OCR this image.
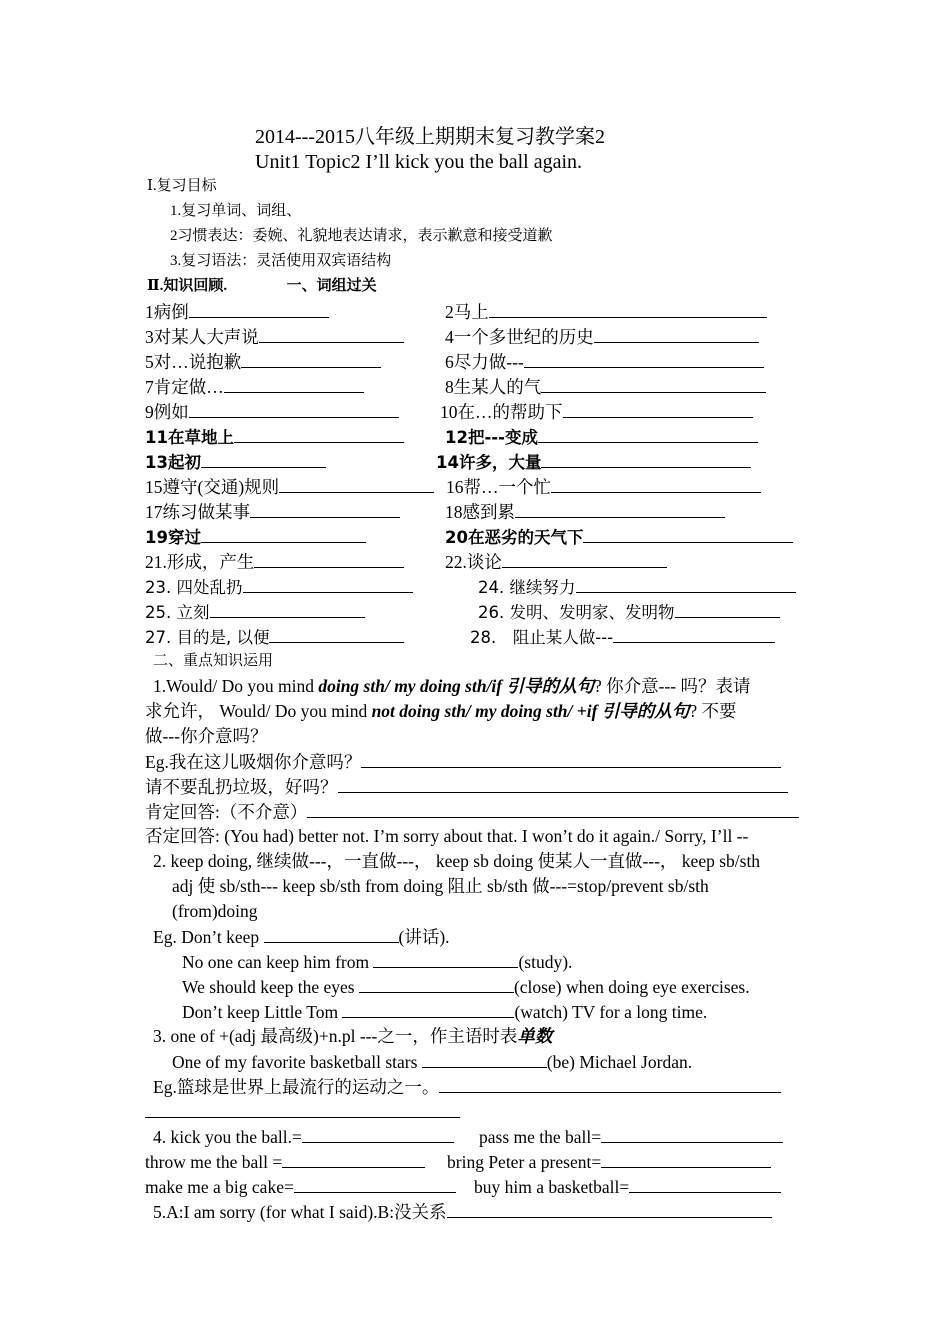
2014---2015八年级上期期末复习教学案2
Unit1 Topic2 I’ll kick you the ball again.
Ⅰ.复习目标
1.复习单词、词组、
2习惯表达：委婉、礼貌地表达请求，表示歉意和接受道歉
3.复习语法：灵活使用双宾语结构
Ⅱ.知识回顾.	一、词组过关
1病倒	2马上
3对某人大声说	4一个多世纪的历史
5对…说抱歉	6尽力做---
7肯定做…	8生某人的气
9例如	10在…的帮助下
11在草地上	12把---变成
13起初	14许多，大量
15遵守(交通)规则	16帮…一个忙
17练习做某事	18感到累
19穿过	20在恶劣的天气下
21.形成，产生	22.谈论
23. 四处乱扔	24. 继续努力
25. 立刻	26. 发明、发明家、发明物
27. 目的是, 以便	28.　阻止某人做---
二、重点知识运用
1.Would/ Do you mind doing sth/ my doing sth/if 引导的从句? 你介意--- 吗？表请
求允许， Would/ Do you mind not doing sth/ my doing sth/ +if 引导的从句? 不要
做---你介意吗？
Eg.我在这儿吸烟你介意吗？
请不要乱扔垃圾，好吗？
肯定回答:（不介意）
否定回答: (You had) better not. I’m sorry about that. I won’t do it again./ Sorry, I’ll --
2. keep doing, 继续做---，一直做---， keep sb doing 使某人一直做---， keep sb/sth
adj 使 sb/sth--- keep sb/sth from doing 阻止 sb/sth 做---=stop/prevent sb/sth
(from)doing
Eg. Don’t keep	(讲话).
No one can keep him from	(study).
We should keep the eyes	(close) when doing eye exercises.
Don’t keep Little Tom	(watch) TV for a long time.
3. one of +(adj 最高级)+n.pl ---之一，作主语时表单数
One of my favorite basketball stars	(be) Michael Jordan.
Eg.篮球是世界上最流行的运动之一。
4. kick you the ball.=	pass me the ball=
throw me the ball =	bring Peter a present=
make me a big cake=	buy him a basketball=
5.A:I am sorry (for what I said).B:没关系
